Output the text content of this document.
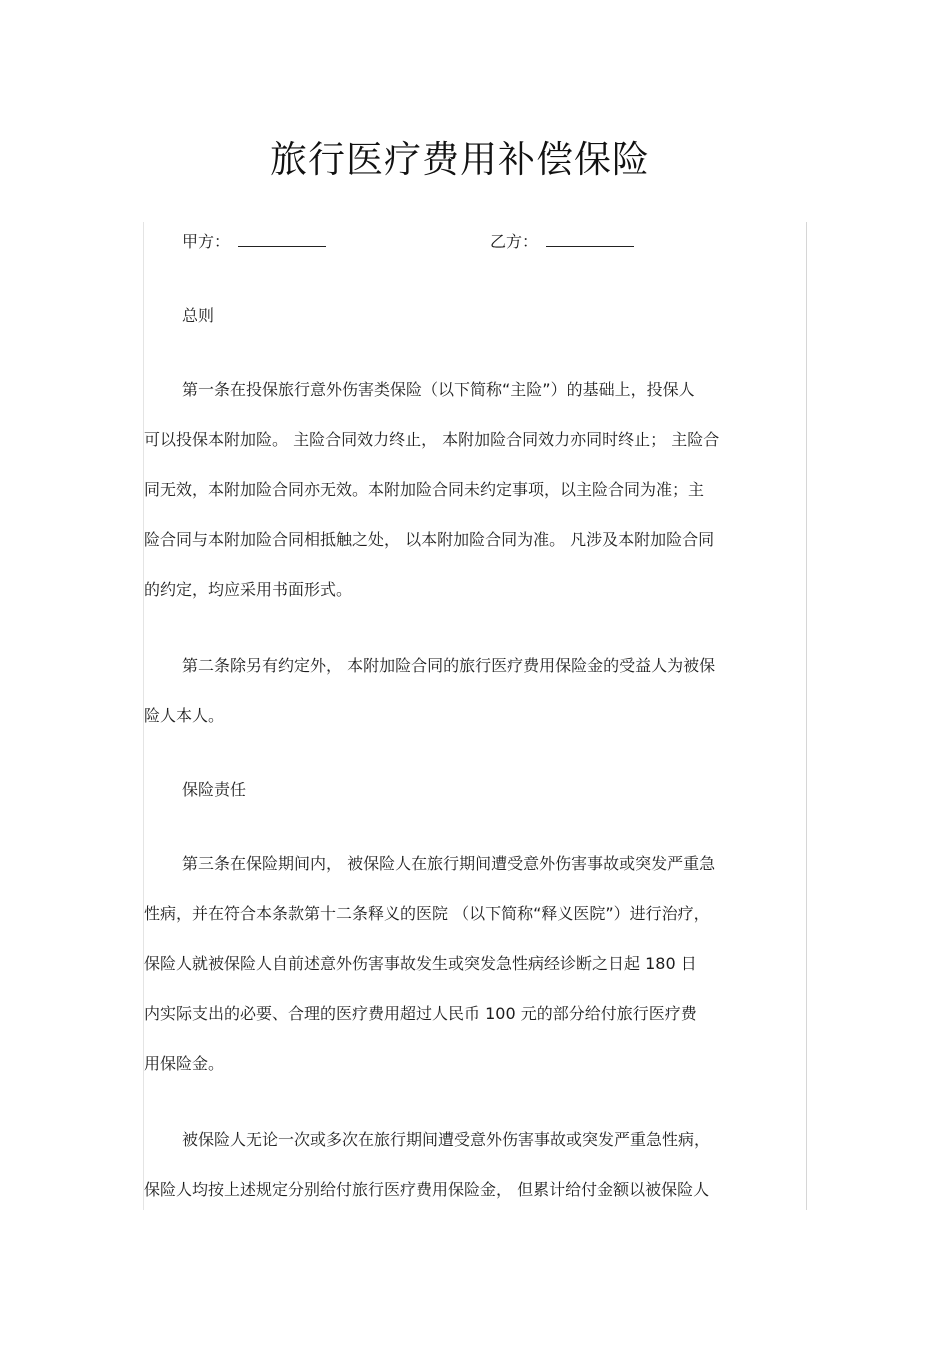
旅行医疗费用补偿保险
甲方：	乙方：
总则
第一条在投保旅行意外伤害类保险（以下简称“主险”）的基础上，投保人
可以投保本附加险。 主险合同效力终止， 本附加险合同效力亦同时终止； 主险合
同无效，本附加险合同亦无效。本附加险合同未约定事项，以主险合同为准；主
险合同与本附加险合同相抵触之处， 以本附加险合同为准。 凡涉及本附加险合同
的约定，均应采用书面形式。
第二条除另有约定外， 本附加险合同的旅行医疗费用保险金的受益人为被保
险人本人。
保险责任
第三条在保险期间内， 被保险人在旅行期间遭受意外伤害事故或突发严重急
性病，并在符合本条款第十二条释义的医院 （以下简称“释义医院”）进行治疗，
保险人就被保险人自前述意外伤害事故发生或突发急性病经诊断之日起 180 日
内实际支出的必要、合理的医疗费用超过人民币 100 元的部分给付旅行医疗费
用保险金。
被保险人无论一次或多次在旅行期间遭受意外伤害事故或突发严重急性病，
保险人均按上述规定分别给付旅行医疗费用保险金， 但累计给付金额以被保险人
